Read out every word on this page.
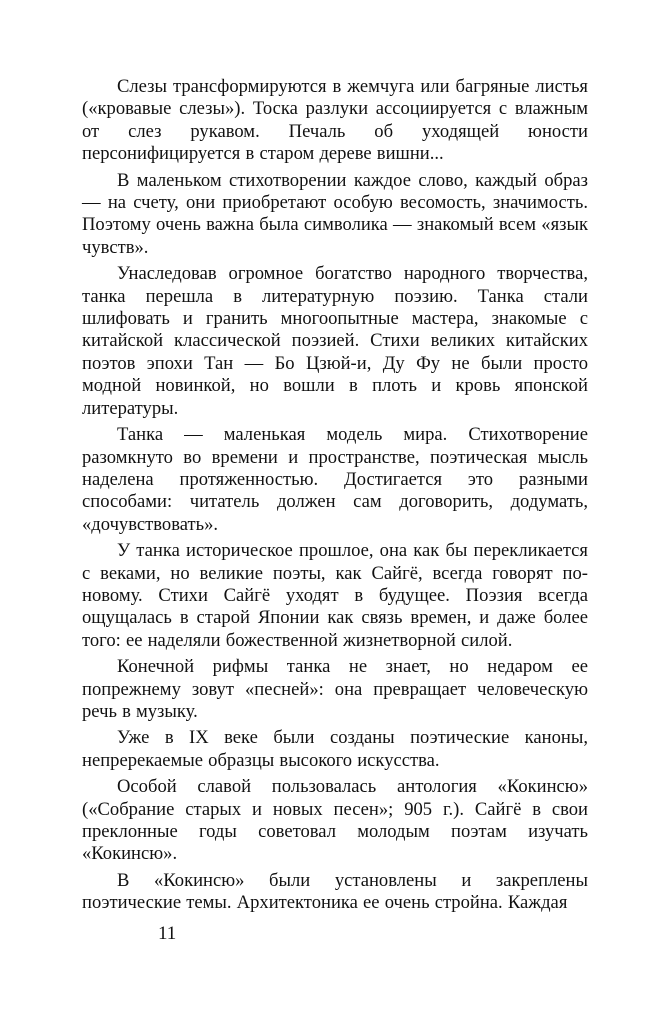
Слезы трансформируются в жемчуга или багряные листья («кровавые слезы»). Тоска разлуки ассоциируется с влажным от слез рукавом. Печаль об уходящей юности персонифицируется в старом дереве вишни...

В маленьком стихотворении каждое слово, каждый образ — на счету, они приобретают особую весомость, значимость. Поэтому очень важна была символика — знакомый всем «язык чувств».

Унаследовав огромное богатство народного творчества, танка перешла в литературную поэзию. Танка стали шлифовать и гранить многоопытные мастера, знакомые с китайской классической поэзией. Стихи великих китайских поэтов эпохи Тан — Бо Цзюй-и, Ду Фу не были просто модной новинкой, но вошли в плоть и кровь японской литературы.

Танка — маленькая модель мира. Стихотворение разомкнуто во времени и пространстве, поэтическая мысль наделена протяженностью. Достигается это разными способами: читатель должен сам договорить, додумать, «дочувствовать».

У танка историческое прошлое, она как бы перекликается с веками, но великие поэты, как Сайгё, всегда говорят по-новому. Стихи Сайгё уходят в будущее. Поэзия всегда ощущалась в старой Японии как связь времен, и даже более того: ее наделяли божественной жизнетворной силой.

Конечной рифмы танка не знает, но недаром ее попрежнему зовут «песней»: она превращает человеческую речь в музыку.

Уже в IX веке были созданы поэтические каноны, непререкаемые образцы высокого искусства.

Особой славой пользовалась антология «Кокинсю» («Собрание старых и новых песен»; 905 г.). Сайгё в свои преклонные годы советовал молодым поэтам изучать «Кокинсю».

В «Кокинсю» были установлены и закреплены поэтические темы. Архитектоника ее очень стройна. Каждая

11
